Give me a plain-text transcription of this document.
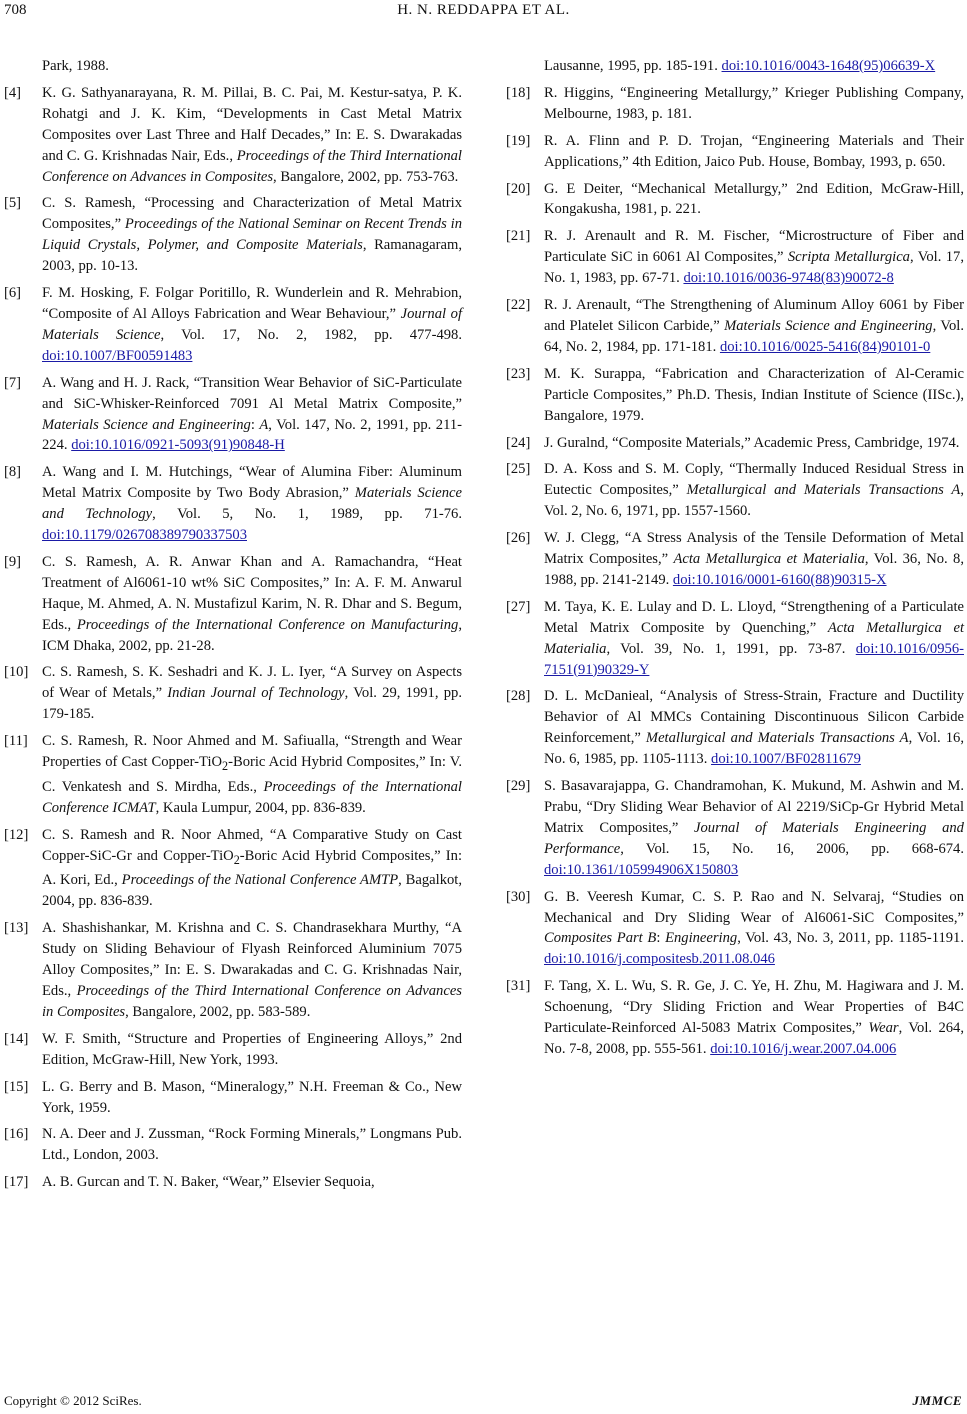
708	H. N. REDDAPPA ET AL.
Park, 1988.
[4] K. G. Sathyanarayana, R. M. Pillai, B. C. Pai, M. Kestur-satya, P. K. Rohatgi and J. K. Kim, “Developments in Cast Metal Matrix Composites over Last Three and Half Decades,” In: E. S. Dwarakadas and C. G. Krishnadas Nair, Eds., Proceedings of the Third International Conference on Advances in Composites, Bangalore, 2002, pp. 753-763.
[5] C. S. Ramesh, “Processing and Characterization of Metal Matrix Composites,” Proceedings of the National Seminar on Recent Trends in Liquid Crystals, Polymer, and Composite Materials, Ramanagaram, 2003, pp. 10-13.
[6] F. M. Hosking, F. Folgar Poritillo, R. Wunderlein and R. Mehrabion, “Composite of Al Alloys Fabrication and Wear Behaviour,” Journal of Materials Science, Vol. 17, No. 2, 1982, pp. 477-498. doi:10.1007/BF00591483
[7] A. Wang and H. J. Rack, “Transition Wear Behavior of SiC-Particulate and SiC-Whisker-Reinforced 7091 Al Metal Matrix Composite,” Materials Science and Engineering: A, Vol. 147, No. 2, 1991, pp. 211-224. doi:10.1016/0921-5093(91)90848-H
[8] A. Wang and I. M. Hutchings, “Wear of Alumina Fiber: Aluminum Metal Matrix Composite by Two Body Abrasion,” Materials Science and Technology, Vol. 5, No. 1, 1989, pp. 71-76. doi:10.1179/026708389790337503
[9] C. S. Ramesh, A. R. Anwar Khan and A. Ramachandra, “Heat Treatment of Al6061-10 wt% SiC Composites,” In: A. F. M. Anwarul Haque, M. Ahmed, A. N. Mustafizul Karim, N. R. Dhar and S. Begum, Eds., Proceedings of the International Conference on Manufacturing, ICM Dhaka, 2002, pp. 21-28.
[10] C. S. Ramesh, S. K. Seshadri and K. J. L. Iyer, “A Survey on Aspects of Wear of Metals,” Indian Journal of Technology, Vol. 29, 1991, pp. 179-185.
[11] C. S. Ramesh, R. Noor Ahmed and M. Safiualla, “Strength and Wear Properties of Cast Copper-TiO$_2$-Boric Acid Hybrid Composites,” In: V. C. Venkatesh and S. Mirdha, Eds., Proceedings of the International Conference ICMAT, Kaula Lumpur, 2004, pp. 836-839.
[12] C. S. Ramesh and R. Noor Ahmed, “A Comparative Study on Cast Copper-SiC-Gr and Copper-TiO$_2$-Boric Acid Hybrid Composites,” In: A. Kori, Ed., Proceedings of the National Conference AMTP, Bagalkot, 2004, pp. 836-839.
[13] A. Shashishankar, M. Krishna and C. S. Chandrasekhara Murthy, “A Study on Sliding Behaviour of Flyash Reinforced Aluminium 7075 Alloy Composites,” In: E. S. Dwarakadas and C. G. Krishnadas Nair, Eds., Proceedings of the Third International Conference on Advances in Composites, Bangalore, 2002, pp. 583-589.
[14] W. F. Smith, “Structure and Properties of Engineering Alloys,” 2nd Edition, McGraw-Hill, New York, 1993.
[15] L. G. Berry and B. Mason, “Mineralogy,” N.H. Freeman & Co., New York, 1959.
[16] N. A. Deer and J. Zussman, “Rock Forming Minerals,” Longmans Pub. Ltd., London, 2003.
[17] A. B. Gurcan and T. N. Baker, “Wear,” Elsevier Sequoia,
Lausanne, 1995, pp. 185-191. doi:10.1016/0043-1648(95)06639-X
[18] R. Higgins, “Engineering Metallurgy,” Krieger Publishing Company, Melbourne, 1983, p. 181.
[19] R. A. Flinn and P. D. Trojan, “Engineering Materials and Their Applications,” 4th Edition, Jaico Pub. House, Bombay, 1993, p. 650.
[20] G. E Deiter, “Mechanical Metallurgy,” 2nd Edition, McGraw-Hill, Kongakusha, 1981, p. 221.
[21] R. J. Arenault and R. M. Fischer, “Microstructure of Fiber and Particulate SiC in 6061 Al Composites,” Scripta Metallurgica, Vol. 17, No. 1, 1983, pp. 67-71. doi:10.1016/0036-9748(83)90072-8
[22] R. J. Arenault, “The Strengthening of Aluminum Alloy 6061 by Fiber and Platelet Silicon Carbide,” Materials Science and Engineering, Vol. 64, No. 2, 1984, pp. 171-181. doi:10.1016/0025-5416(84)90101-0
[23] M. K. Surappa, “Fabrication and Characterization of Al-Ceramic Particle Composites,” Ph.D. Thesis, Indian Institute of Science (IISc.), Bangalore, 1979.
[24] J. Guralnd, “Composite Materials,” Academic Press, Cambridge, 1974.
[25] D. A. Koss and S. M. Coply, “Thermally Induced Residual Stress in Eutectic Composites,” Metallurgical and Materials Transactions A, Vol. 2, No. 6, 1971, pp. 1557-1560.
[26] W. J. Clegg, “A Stress Analysis of the Tensile Deformation of Metal Matrix Composites,” Acta Metallurgica et Materialia, Vol. 36, No. 8, 1988, pp. 2141-2149. doi:10.1016/0001-6160(88)90315-X
[27] M. Taya, K. E. Lulay and D. L. Lloyd, “Strengthening of a Particulate Metal Matrix Composite by Quenching,” Acta Metallurgica et Materialia, Vol. 39, No. 1, 1991, pp. 73-87. doi:10.1016/0956-7151(91)90329-Y
[28] D. L. McDanieal, “Analysis of Stress-Strain, Fracture and Ductility Behavior of Al MMCs Containing Discontinuous Silicon Carbide Reinforcement,” Metallurgical and Materials Transactions A, Vol. 16, No. 6, 1985, pp. 1105-1113. doi:10.1007/BF02811679
[29] S. Basavarajappa, G. Chandramohan, K. Mukund, M. Ashwin and M. Prabu, “Dry Sliding Wear Behavior of Al 2219/SiCp-Gr Hybrid Metal Matrix Composites,” Journal of Materials Engineering and Performance, Vol. 15, No. 16, 2006, pp. 668-674. doi:10.1361/105994906X150803
[30] G. B. Veeresh Kumar, C. S. P. Rao and N. Selvaraj, “Studies on Mechanical and Dry Sliding Wear of Al6061-SiC Composites,” Composites Part B: Engineering, Vol. 43, No. 3, 2011, pp. 1185-1191. doi:10.1016/j.compositesb.2011.08.046
[31] F. Tang, X. L. Wu, S. R. Ge, J. C. Ye, H. Zhu, M. Hagiwara and J. M. Schoenung, “Dry Sliding Friction and Wear Properties of B4C Particulate-Reinforced Al-5083 Matrix Composites,” Wear, Vol. 264, No. 7-8, 2008, pp. 555-561. doi:10.1016/j.wear.2007.04.006
Copyright © 2012 SciRes.	JMMCE
